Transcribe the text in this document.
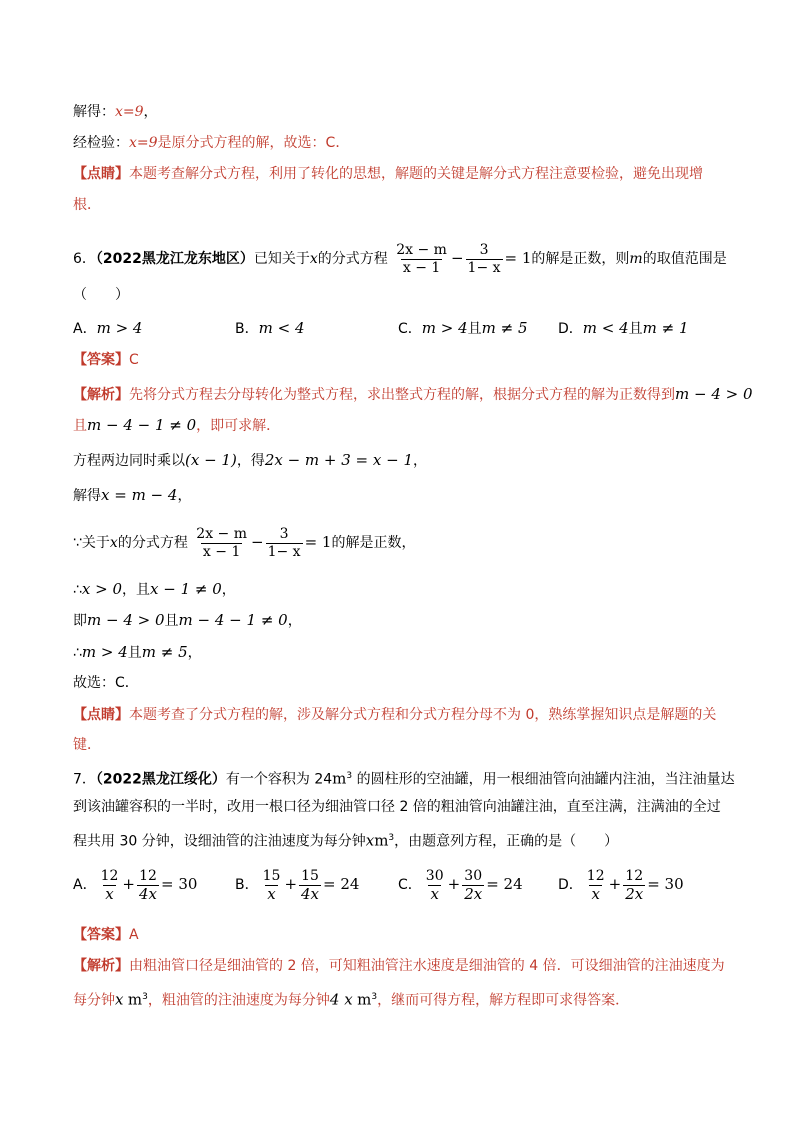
解得：x=9，
经检验：x=9是原分式方程的解，故选：C．
【点睛】本题考查解分式方程，利用了转化的思想，解题的关键是解分式方程注意要检验，避免出现增
根．
6．（2022黑龙江龙东地区）已知关于x的分式方程 $\frac{2x - m}{x - 1} - \frac{3}{1- x} = 1$的解是正数，则m的取值范围是
（　　）
A．m > 4	B．m < 4	C．m > 4且m ≠ 5 D．m < 4且m ≠ 1
【答案】C
【解析】先将分式方程去分母转化为整式方程，求出整式方程的解，根据分式方程的解为正数得到m − 4 > 0
且m − 4 − 1 ≠ 0，即可求解．
方程两边同时乘以(x − 1)，得2x − m + 3 = x − 1，
解得x = m − 4，
∵关于x的分式方程 $\frac{2x - m}{x - 1} - \frac{3}{1- x} = 1$的解是正数，
∴x > 0，且x − 1 ≠ 0，
即m − 4 > 0且m − 4 − 1 ≠ 0，
∴m > 4且m ≠ 5，
故选：C．
【点睛】本题考查了分式方程的解，涉及解分式方程和分式方程分母不为 0，熟练掌握知识点是解题的关
键．
7．（2022黑龙江绥化）有一个容积为 $24m^3$ 的圆柱形的空油罐，用一根细油管向油罐内注油，当注油量达
到该油罐容积的一半时，改用一根口径为细油管口径 2 倍的粗油管向油罐注油，直至注满，注满油的全过
程共用 30 分钟，设细油管的注油速度为每分钟$xm^3$，由题意列方程，正确的是（　　）
A． $\frac{12}{x} + \frac{12}{4x} = 30$	B． $\frac{15}{x} + \frac{15}{4x} = 24$	C． $\frac{30}{x} + \frac{30}{2x} = 24$	D． $\frac{12}{x} + \frac{12}{2x} = 30$
【答案】A
【解析】由粗油管口径是细油管的 2 倍，可知粗油管注水速度是细油管的 4 倍．可设细油管的注油速度为
每分钟x $m^3$，粗油管的注油速度为每分钟4 x $m^3$，继而可得方程，解方程即可求得答案．
